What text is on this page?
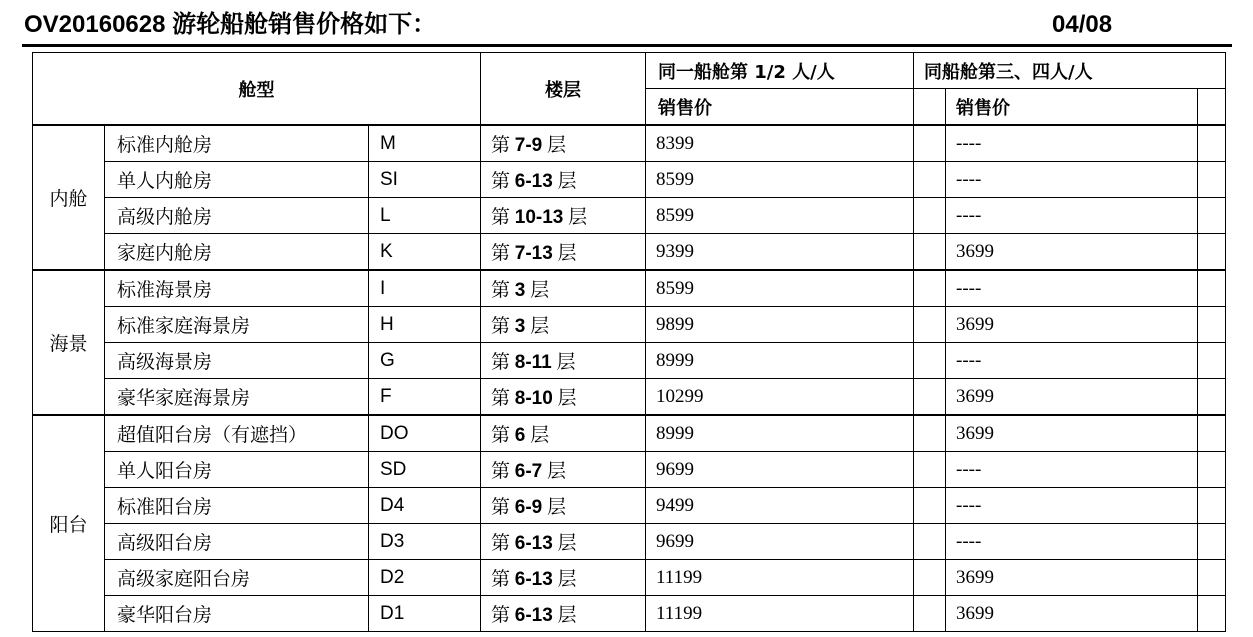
OV20160628 游轮船舱销售价格如下：	04/08
舱型			楼层	同一船舱第 1/2 人/人	同船舱第三、四人/人		
				销售价		销售价	
内舱	标准内舱房	M	第 7-9 层	8399		----	
	单人内舱房	SI	第 6-13 层	8599		----	
	高级内舱房	L	第 10-13 层	8599		----	
	家庭内舱房	K	第 7-13 层	9399		3699	
海景	标准海景房	I	第 3 层	8599		----	
	标准家庭海景房	H	第 3 层	9899		3699	
	高级海景房	G	第 8-11 层	8999		----	
	豪华家庭海景房	F	第 8-10 层	10299		3699	
阳台	超值阳台房（有遮挡）	DO	第 6 层	8999		3699	
	单人阳台房	SD	第 6-7 层	9699		----	
	标准阳台房	D4	第 6-9 层	9499		----	
	高级阳台房	D3	第 6-13 层	9699		----	
	高级家庭阳台房	D2	第 6-13 层	11199		3699	
	豪华阳台房	D1	第 6-13 层	11199		3699	
